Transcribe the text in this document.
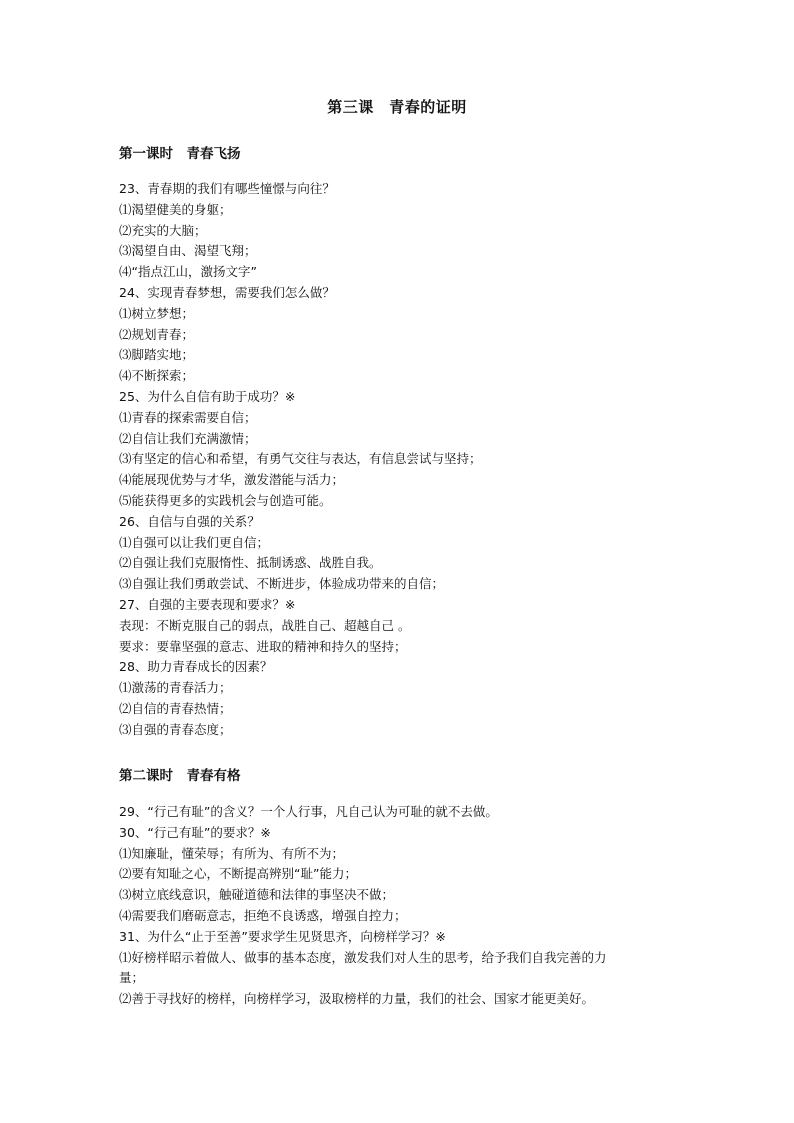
第三课　青春的证明
第一课时　青春飞扬
23、青春期的我们有哪些憧憬与向往？
⑴渴望健美的身躯；
⑵充实的大脑；
⑶渴望自由、渴望飞翔；
⑷“指点江山，激扬文字”
24、实现青春梦想，需要我们怎么做？
⑴树立梦想；
⑵规划青春；
⑶脚踏实地；
⑷不断探索；
25、为什么自信有助于成功？※
⑴青春的探索需要自信；
⑵自信让我们充满激情；
⑶有坚定的信心和希望，有勇气交往与表达，有信息尝试与坚持；
⑷能展现优势与才华，激发潜能与活力；
⑸能获得更多的实践机会与创造可能。
26、自信与自强的关系？
⑴自强可以让我们更自信；
⑵自强让我们克服惰性、抵制诱惑、战胜自我。
⑶自强让我们勇敢尝试、不断进步，体验成功带来的自信；
27、自强的主要表现和要求？※
表现：不断克服自己的弱点，战胜自己、超越自己 。
要求：要靠坚强的意志、进取的精神和持久的坚持；
28、助力青春成长的因素？
⑴激荡的青春活力；
⑵自信的青春热情；
⑶自强的青春态度；
第二课时　青春有格
29、“行己有耻”的含义？一个人行事，凡自己认为可耻的就不去做。
30、“行己有耻”的要求？※
⑴知廉耻，懂荣辱；有所为、有所不为；
⑵要有知耻之心，不断提高辨别“耻”能力；
⑶树立底线意识，触碰道德和法律的事坚决不做；
⑷需要我们磨砺意志，拒绝不良诱惑，增强自控力；
31、为什么“止于至善”要求学生见贤思齐，向榜样学习？※
⑴好榜样昭示着做人、做事的基本态度，激发我们对人生的思考，给予我们自我完善的力
量；
⑵善于寻找好的榜样，向榜样学习，汲取榜样的力量，我们的社会、国家才能更美好。
